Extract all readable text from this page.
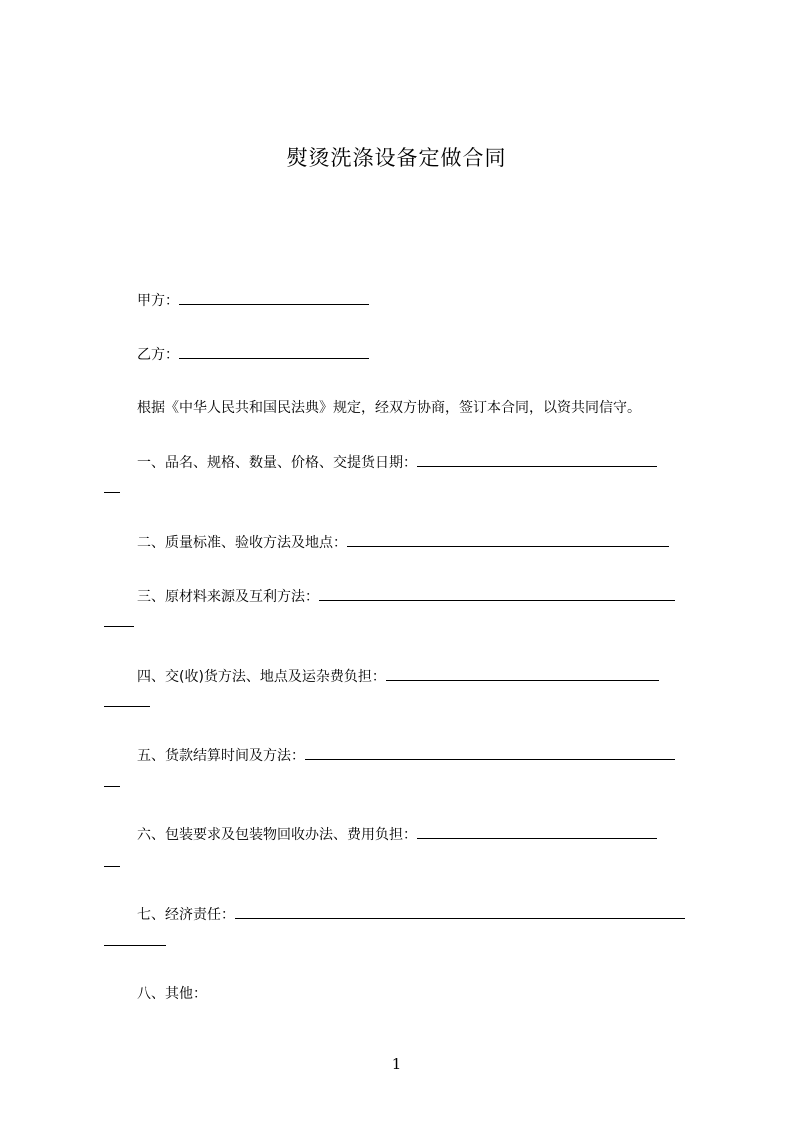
熨烫洗涤设备定做合同
甲方：
乙方：
根据《中华人民共和国民法典》规定，经双方协商，签订本合同，以资共同信守。
一、品名、规格、数量、价格、交提货日期：
二、质量标准、验收方法及地点：
三、原材料来源及互利方法：
四、交(收)货方法、地点及运杂费负担：
五、货款结算时间及方法：
六、包装要求及包装物回收办法、费用负担：
七、经济责任：
八、其他：
1
